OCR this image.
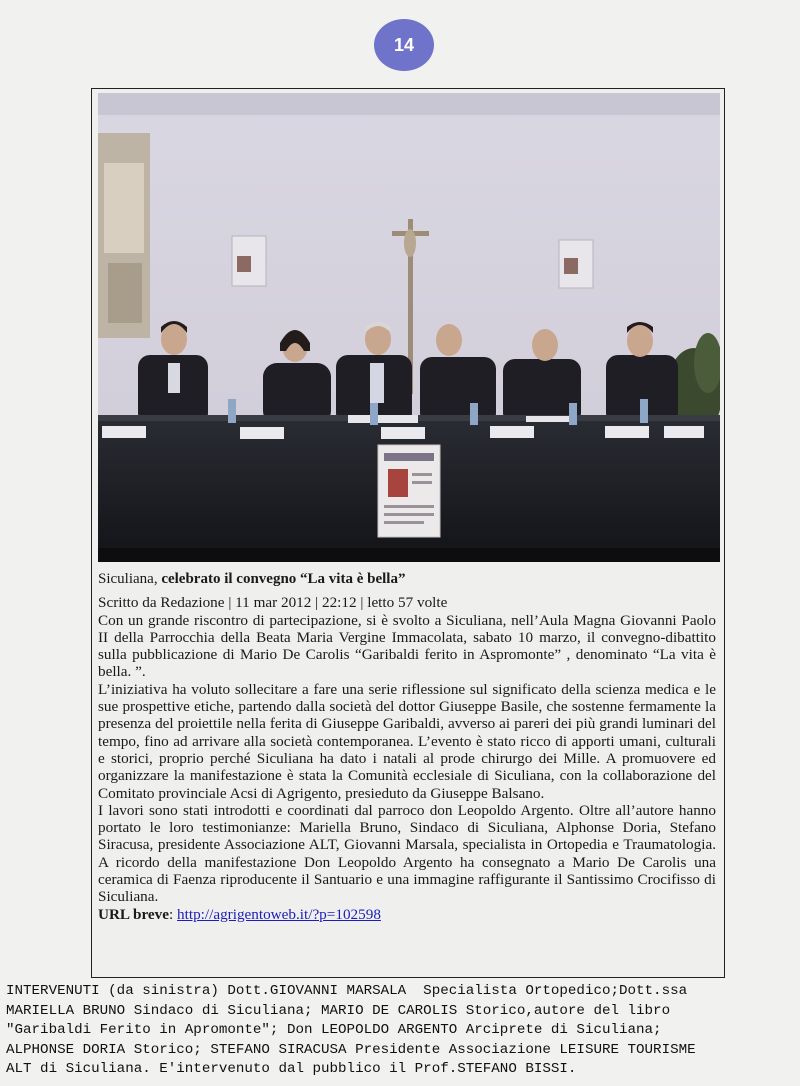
14

Siculiana, celebrato il convegno “La vita è bella”

Scritto da Redazione | 11 mar 2012 | 22:12 | letto 57 volte

Con un grande riscontro di partecipazione, si è svolto a Siculiana, nell’Aula Magna Giovanni Paolo II della Parrocchia della Beata Maria Vergine Immacolata, sabato 10 marzo, il convegno-dibattito sulla pubblicazione di Mario De Carolis “Garibaldi ferito in Aspromonte” , denominato “La vita è bella. ”.

L’iniziativa ha voluto sollecitare a fare una serie riflessione sul significato della scienza medica e le sue prospettive etiche, partendo dalla società del dottor Giuseppe Basile, che sostenne fermamente la presenza del proiettile nella ferita di Giuseppe Garibaldi, avverso ai pareri dei più grandi luminari del tempo, fino ad arrivare alla società contemporanea. L’evento è stato ricco di apporti umani, culturali e storici, proprio perché Siculiana ha dato i natali al prode chirurgo dei Mille. A promuovere ed organizzare la manifestazione è stata la Comunità ecclesiale di Siculiana, con la collaborazione del Comitato provinciale Acsi di Agrigento, presieduto da Giuseppe Balsano.

I lavori sono stati introdotti e coordinati dal parroco don Leopoldo Argento. Oltre all’autore hanno portato le loro testimonianze: Mariella Bruno, Sindaco di Siculiana, Alphonse Doria, Stefano Siracusa, presidente Associazione ALT, Giovanni Marsala, specialista in Ortopedia e Traumatologia. A ricordo della manifestazione Don Leopoldo Argento ha consegnato a Mario De Carolis una ceramica di Faenza riproducente il Santuario e una immagine raffigurante il Santissimo Crocifisso di Siculiana.

URL breve: http://agrigentoweb.it/?p=102598

INTERVENUTI (da sinistra) Dott.GIOVANNI MARSALA  Specialista Ortopedico;Dott.ssa
MARIELLA BRUNO Sindaco di Siculiana; MARIO DE CAROLIS Storico,autore del libro
"Garibaldi Ferito in Apromonte"; Don LEOPOLDO ARGENTO Arciprete di Siculiana;
ALPHONSE DORIA Storico; STEFANO SIRACUSA Presidente Associazione LEISURE TOURISME
ALT di Siculiana. E'intervenuto dal pubblico il Prof.STEFANO BISSI.
